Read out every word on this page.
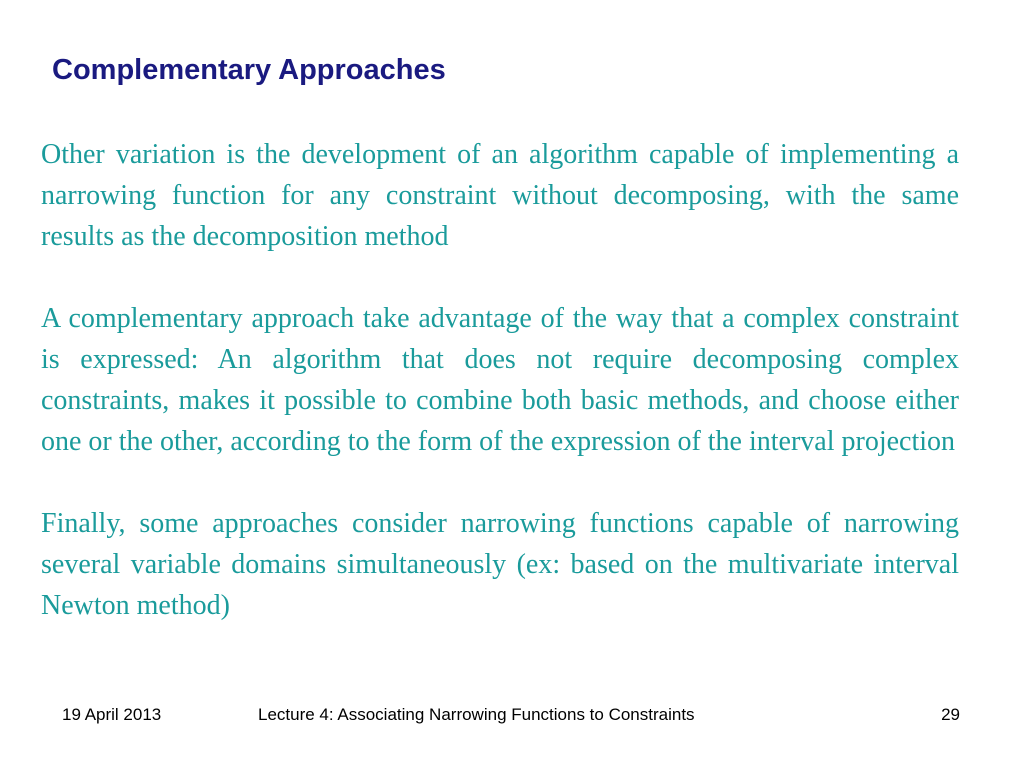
Complementary Approaches

Other variation is the development of an algorithm capable of implementing a narrowing function for any constraint without decomposing, with the same results as the decomposition method

A complementary approach take advantage of the way that a complex constraint is expressed: An algorithm that does not require decomposing complex constraints, makes it possible to combine both basic methods, and choose either one or the other, according to the form of the expression of the interval projection

Finally, some approaches consider narrowing functions capable of narrowing several variable domains simultaneously (ex: based on the multivariate interval Newton method)

19 April 2013	Lecture 4: Associating Narrowing Functions to Constraints	29
